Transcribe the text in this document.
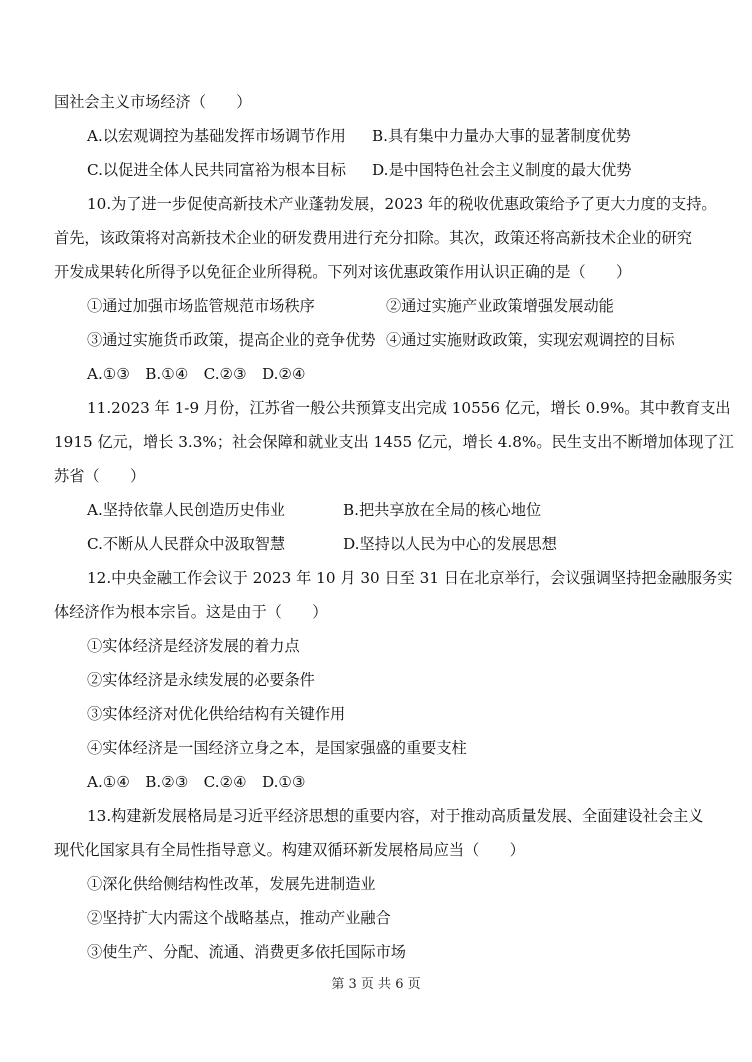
国社会主义市场经济（　　）
A.以宏观调控为基础发挥市场调节作用 B.具有集中力量办大事的显著制度优势
C.以促进全体人民共同富裕为根本目标 D.是中国特色社会主义制度的最大优势
10.为了进一步促使高新技术产业蓬勃发展，2023 年的税收优惠政策给予了更大力度的支持。
首先，该政策将对高新技术企业的研发费用进行充分扣除。其次，政策还将高新技术企业的研究
开发成果转化所得予以免征企业所得税。下列对该优惠政策作用认识正确的是（　　）
①通过加强市场监管规范市场秩序	②通过实施产业政策增强发展动能
③通过实施货币政策，提高企业的竞争优势 ④通过实施财政政策，实现宏观调控的目标
A.①③　B.①④　C.②③　D.②④
11.2023 年 1-9 月份，江苏省一般公共预算支出完成 10556 亿元，增长 0.9%。其中教育支出
1915 亿元，增长 3.3%；社会保障和就业支出 1455 亿元，增长 4.8%。民生支出不断增加体现了江
苏省（　　）
A.坚持依靠人民创造历史伟业	B.把共享放在全局的核心地位
C.不断从人民群众中汲取智慧	D.坚持以人民为中心的发展思想
12.中央金融工作会议于 2023 年 10 月 30 日至 31 日在北京举行，会议强调坚持把金融服务实
体经济作为根本宗旨。这是由于（　　）
①实体经济是经济发展的着力点
②实体经济是永续发展的必要条件
③实体经济对优化供给结构有关键作用
④实体经济是一国经济立身之本，是国家强盛的重要支柱
A.①④　B.②③　C.②④　D.①③
13.构建新发展格局是习近平经济思想的重要内容，对于推动高质量发展、全面建设社会主义
现代化国家具有全局性指导意义。构建双循环新发展格局应当（　　）
①深化供给侧结构性改革，发展先进制造业
②坚持扩大内需这个战略基点，推动产业融合
③使生产、分配、流通、消费更多依托国际市场
第 3 页 共 6 页
